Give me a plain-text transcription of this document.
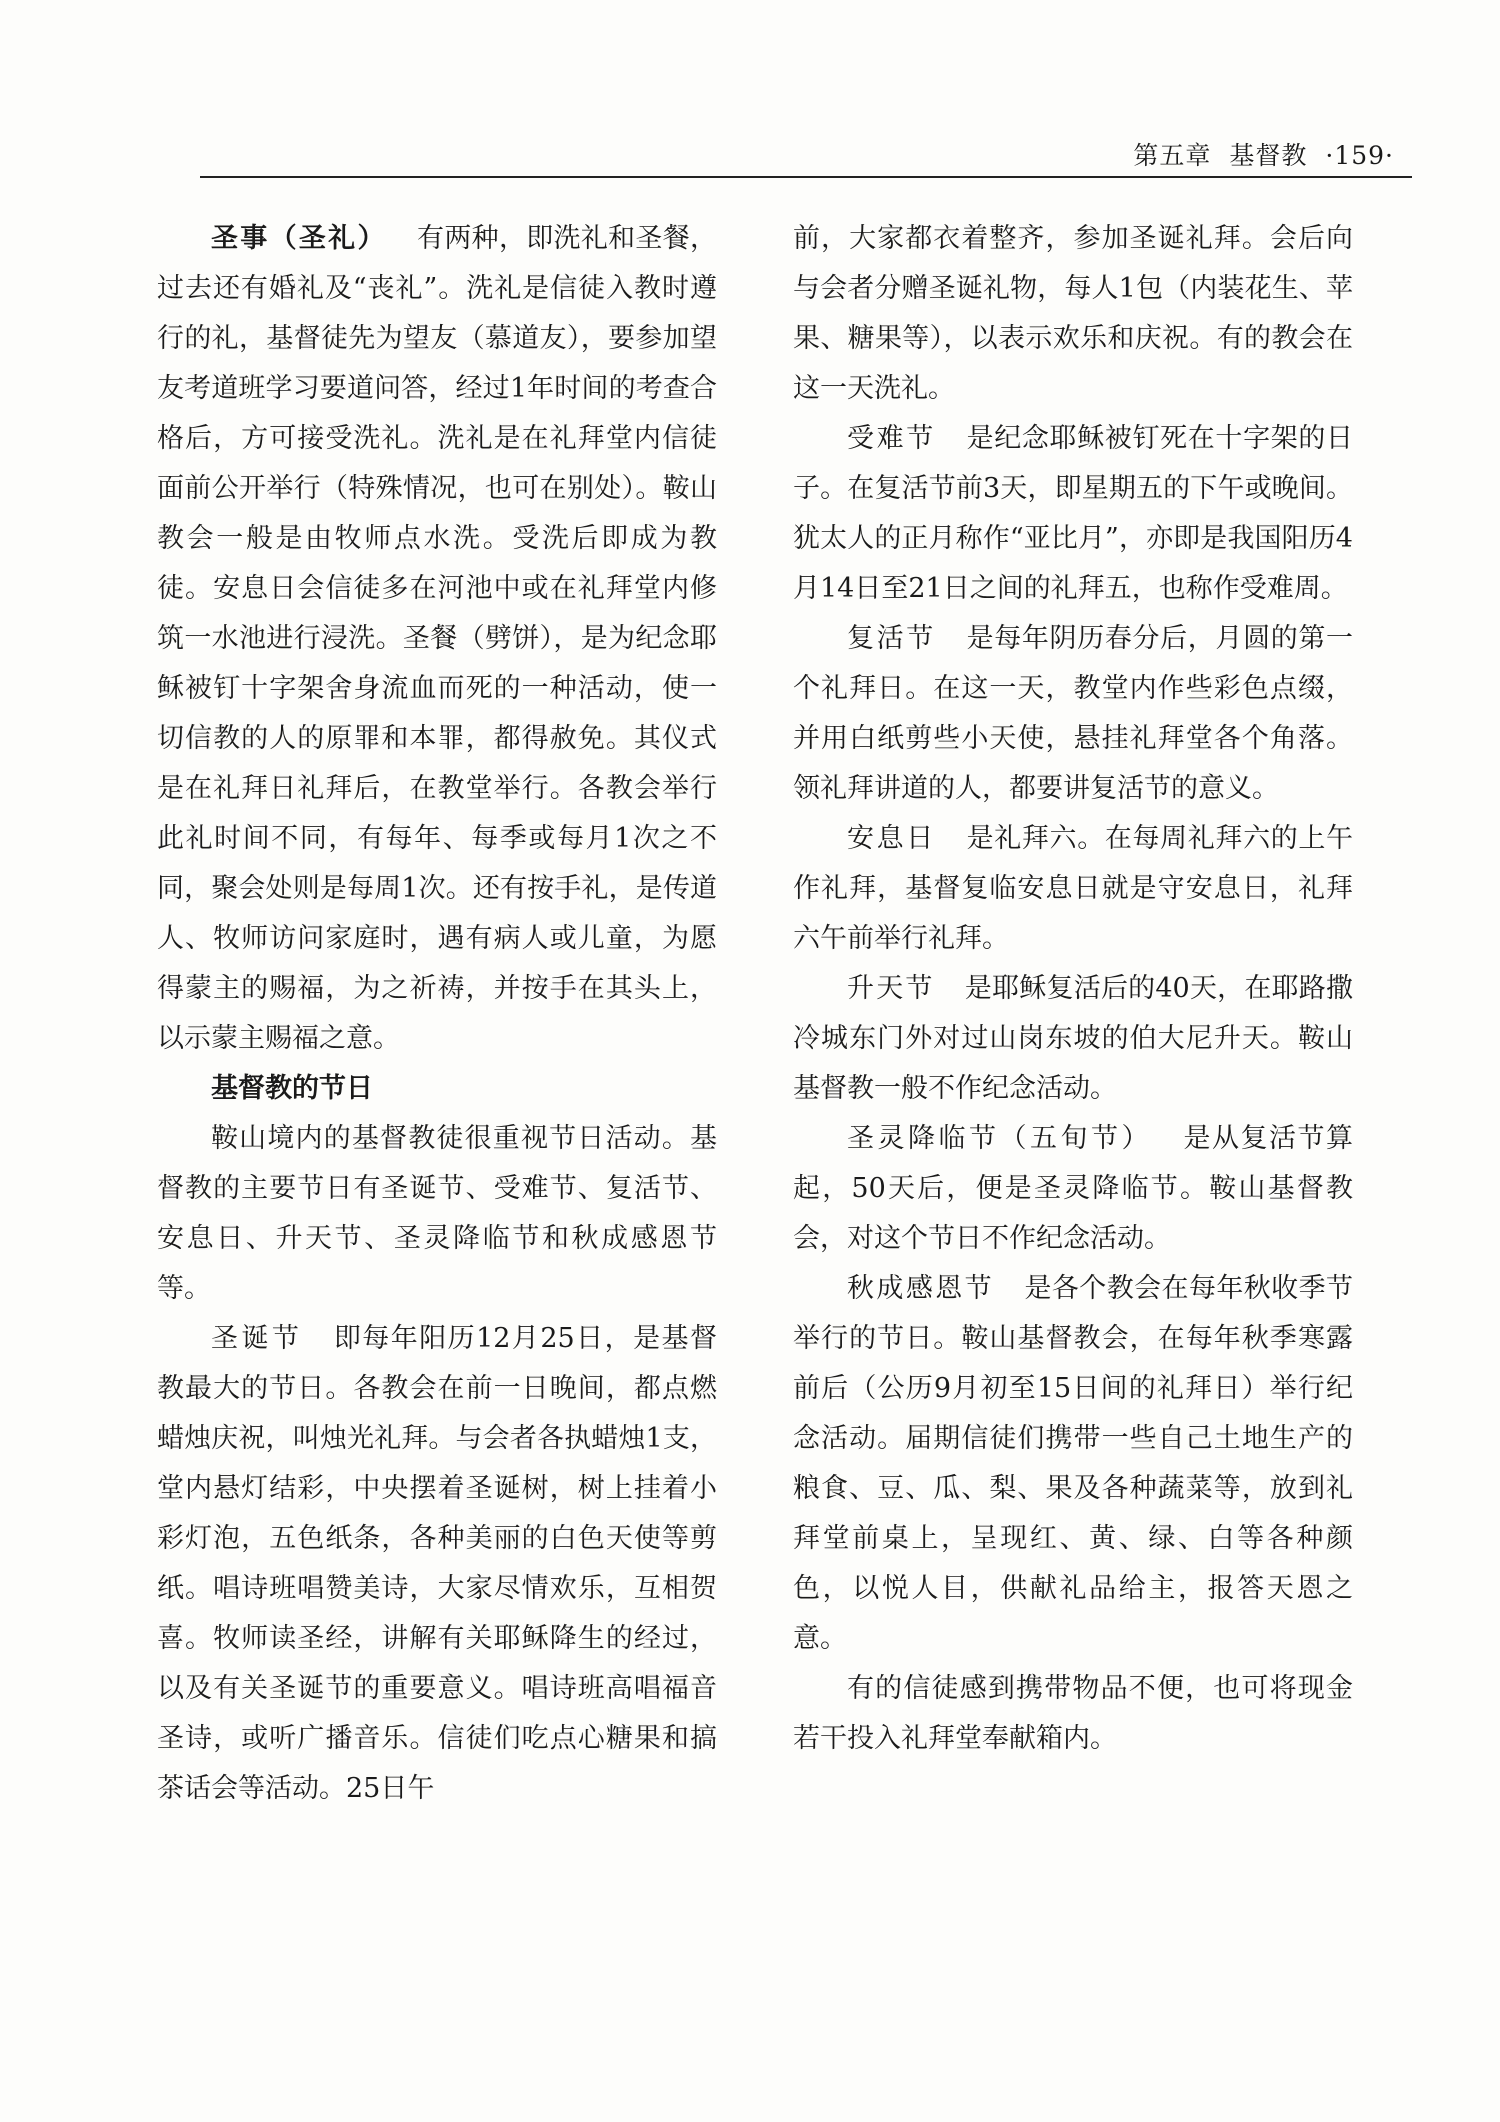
第五章 基督教 ·159·

圣事（圣礼） 有两种，即洗礼和圣餐，过去还有婚礼及“丧礼”。洗礼是信徒入教时遵行的礼，基督徒先为望友（慕道友），要参加望友考道班学习要道问答，经过1年时间的考查合格后，方可接受洗礼。洗礼是在礼拜堂内信徒面前公开举行（特殊情况，也可在别处）。鞍山教会一般是由牧师点水洗。受洗后即成为教徒。安息日会信徒多在河池中或在礼拜堂内修筑一水池进行浸洗。圣餐（劈饼），是为纪念耶稣被钉十字架舍身流血而死的一种活动，使一切信教的人的原罪和本罪，都得赦免。其仪式是在礼拜日礼拜后，在教堂举行。各教会举行此礼时间不同，有每年、每季或每月1次之不同，聚会处则是每周1次。还有按手礼，是传道人、牧师访问家庭时，遇有病人或儿童，为愿得蒙主的赐福，为之祈祷，并按手在其头上，以示蒙主赐福之意。

基督教的节日

鞍山境内的基督教徒很重视节日活动。基督教的主要节日有圣诞节、受难节、复活节、安息日、升天节、圣灵降临节和秋成感恩节等。

圣诞节 即每年阳历12月25日，是基督教最大的节日。各教会在前一日晚间，都点燃蜡烛庆祝，叫烛光礼拜。与会者各执蜡烛1支，堂内悬灯结彩，中央摆着圣诞树，树上挂着小彩灯泡，五色纸条，各种美丽的白色天使等剪纸。唱诗班唱赞美诗，大家尽情欢乐，互相贺喜。牧师读圣经，讲解有关耶稣降生的经过，以及有关圣诞节的重要意义。唱诗班高唱福音圣诗，或听广播音乐。信徒们吃点心糖果和搞茶话会等活动。25日午

前，大家都衣着整齐，参加圣诞礼拜。会后向与会者分赠圣诞礼物，每人1包（内装花生、苹果、糖果等），以表示欢乐和庆祝。有的教会在这一天洗礼。

受难节 是纪念耶稣被钉死在十字架的日子。在复活节前3天，即星期五的下午或晚间。犹太人的正月称作“亚比月”，亦即是我国阳历4月14日至21日之间的礼拜五，也称作受难周。

复活节 是每年阴历春分后，月圆的第一个礼拜日。在这一天，教堂内作些彩色点缀，并用白纸剪些小天使，悬挂礼拜堂各个角落。领礼拜讲道的人，都要讲复活节的意义。

安息日 是礼拜六。在每周礼拜六的上午作礼拜，基督复临安息日就是守安息日，礼拜六午前举行礼拜。

升天节 是耶稣复活后的40天，在耶路撒冷城东门外对过山岗东坡的伯大尼升天。鞍山基督教一般不作纪念活动。

圣灵降临节（五旬节） 是从复活节算起，50天后，便是圣灵降临节。鞍山基督教会，对这个节日不作纪念活动。

秋成感恩节 是各个教会在每年秋收季节举行的节日。鞍山基督教会，在每年秋季寒露前后（公历9月初至15日间的礼拜日）举行纪念活动。届期信徒们携带一些自己土地生产的粮食、豆、瓜、梨、果及各种蔬菜等，放到礼拜堂前桌上，呈现红、黄、绿、白等各种颜色，以悦人目，供献礼品给主，报答天恩之意。

有的信徒感到携带物品不便，也可将现金若干投入礼拜堂奉献箱内。
